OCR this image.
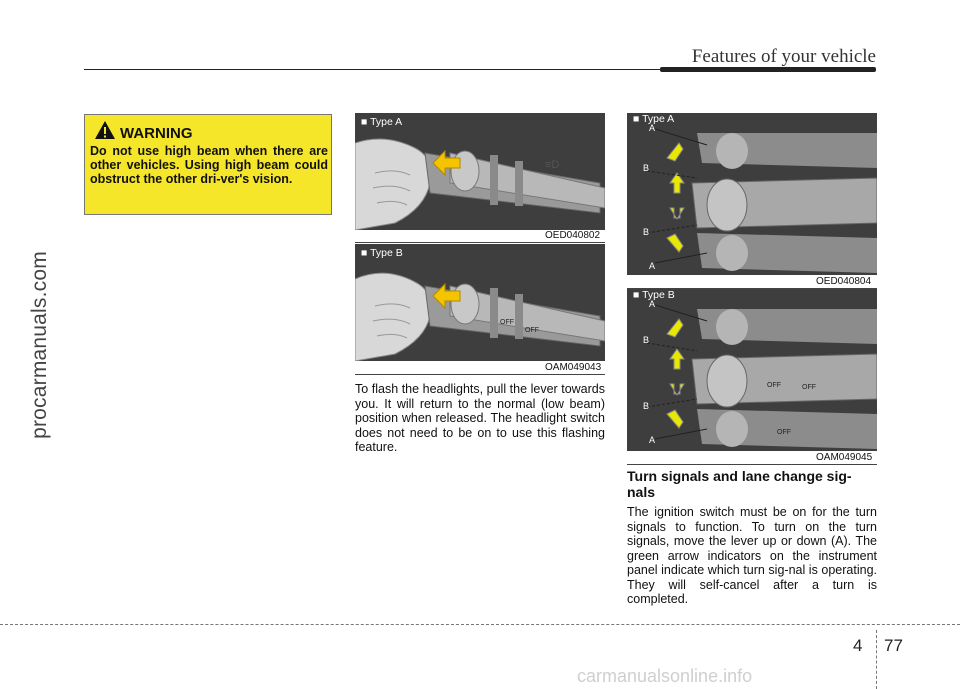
Features of your vehicle
procarmanuals.com
WARNING
Do not use high beam when there are other vehicles. Using high beam could obstruct the other dri-ver's vision.
≡D
■ Type A
OED040802
OFF
OFF
■ Type B
OAM049043
To flash the headlights, pull the lever towards you. It will return to the normal (low beam) position when released. The headlight switch does not need to be on to use this flashing feature.
A
B
B
A
■ Type A
OED040804
OFF	OFF
OFF
A
B
B
A
■ Type B
OAM049045
Turn signals and lane change sig-nals
The ignition switch must be on for the turn signals to function. To turn on the turn signals, move the lever up or down (A). The green arrow indicators on the instrument panel indicate which turn sig-nal is operating. They will self-cancel after a turn is completed.
4 77
carmanualsonline.info
